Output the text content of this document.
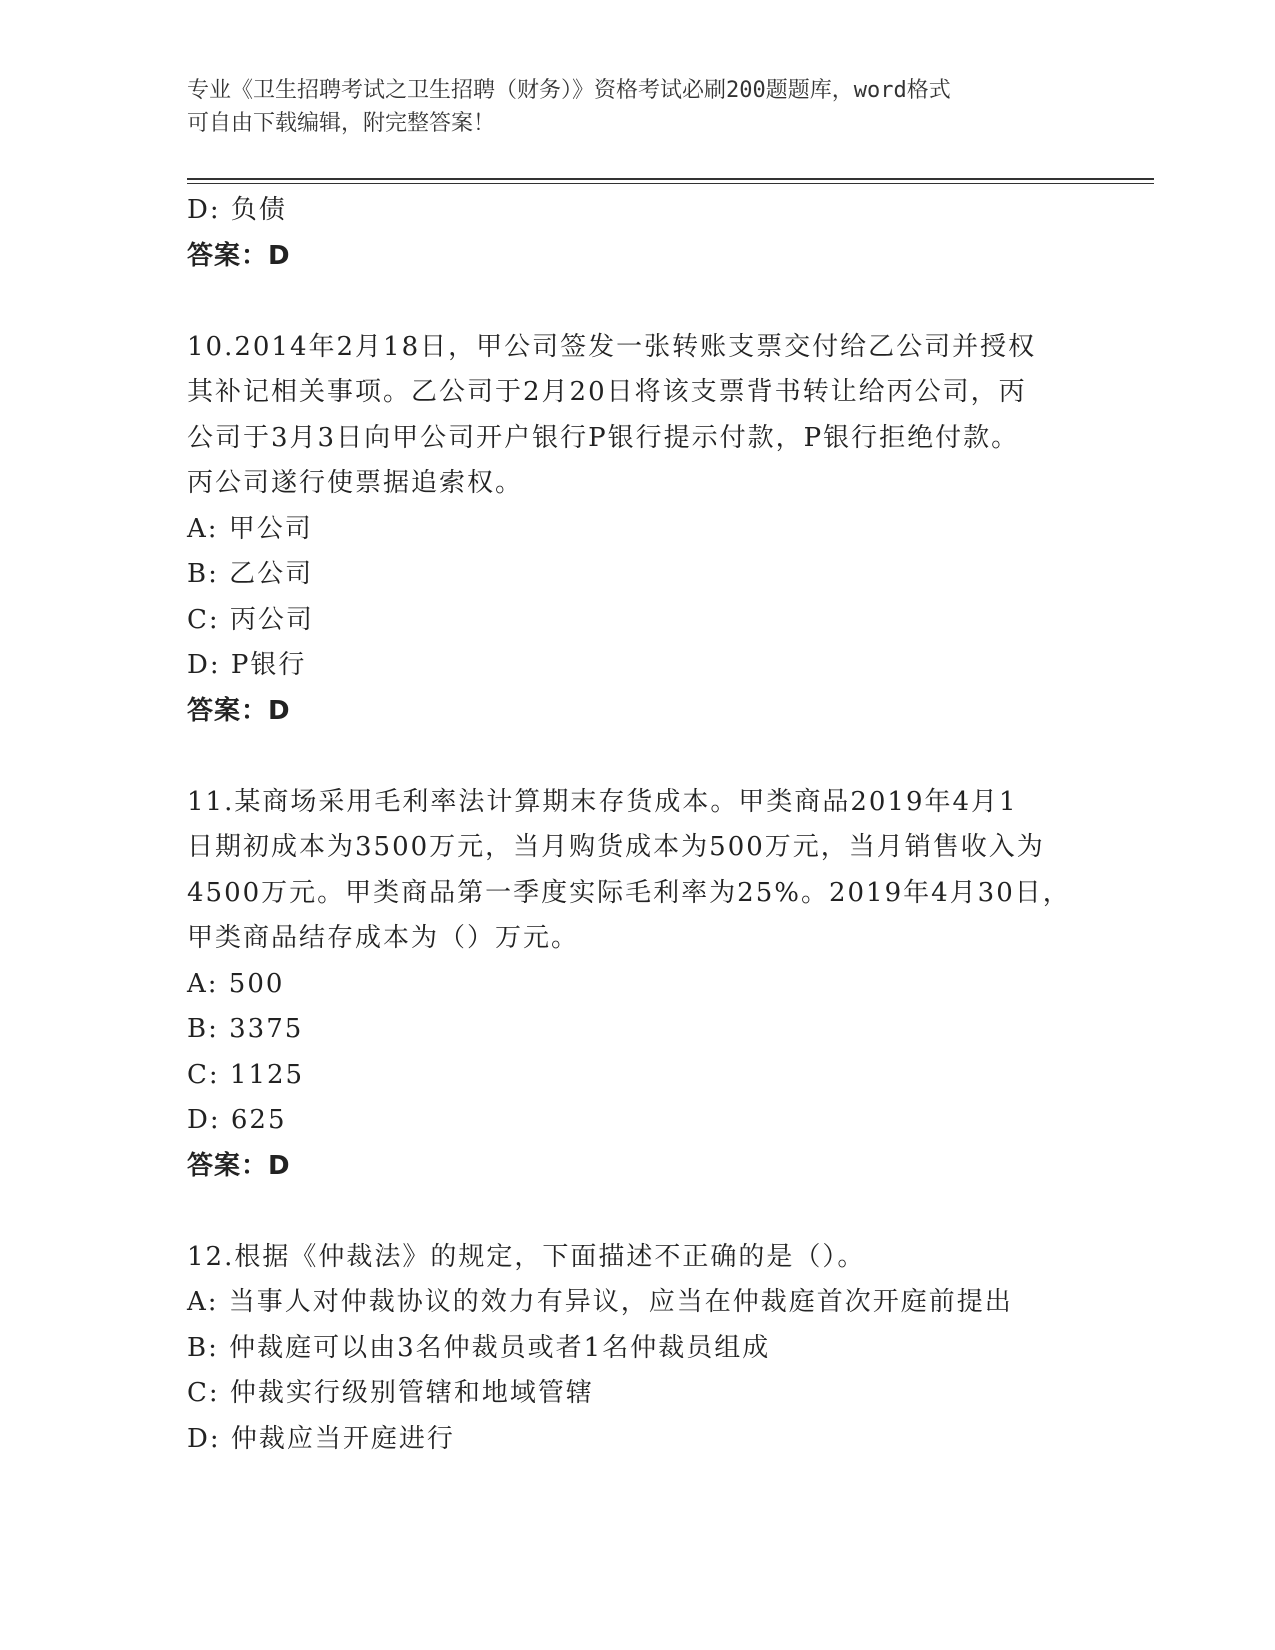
专业《卫生招聘考试之卫生招聘（财务）》资格考试必刷200题题库，word格式
可自由下载编辑，附完整答案！

D: 负债

答案：D

10.2014年2月18日，甲公司签发一张转账支票交付给乙公司并授权

其补记相关事项。乙公司于2月20日将该支票背书转让给丙公司，丙

公司于3月3日向甲公司开户银行P银行提示付款，P银行拒绝付款。

丙公司遂行使票据追索权。

A: 甲公司

B: 乙公司

C: 丙公司

D: P银行

答案：D

11.某商场采用毛利率法计算期末存货成本。甲类商品2019年4月1

日期初成本为3500万元，当月购货成本为500万元，当月销售收入为

4500万元。甲类商品第一季度实际毛利率为25%。2019年4月30日，

甲类商品结存成本为（）万元。

A: 500

B: 3375

C: 1125

D: 625

答案：D

12.根据《仲裁法》的规定，下面描述不正确的是（）。

A: 当事人对仲裁协议的效力有异议，应当在仲裁庭首次开庭前提出

B: 仲裁庭可以由3名仲裁员或者1名仲裁员组成

C: 仲裁实行级别管辖和地域管辖

D: 仲裁应当开庭进行
